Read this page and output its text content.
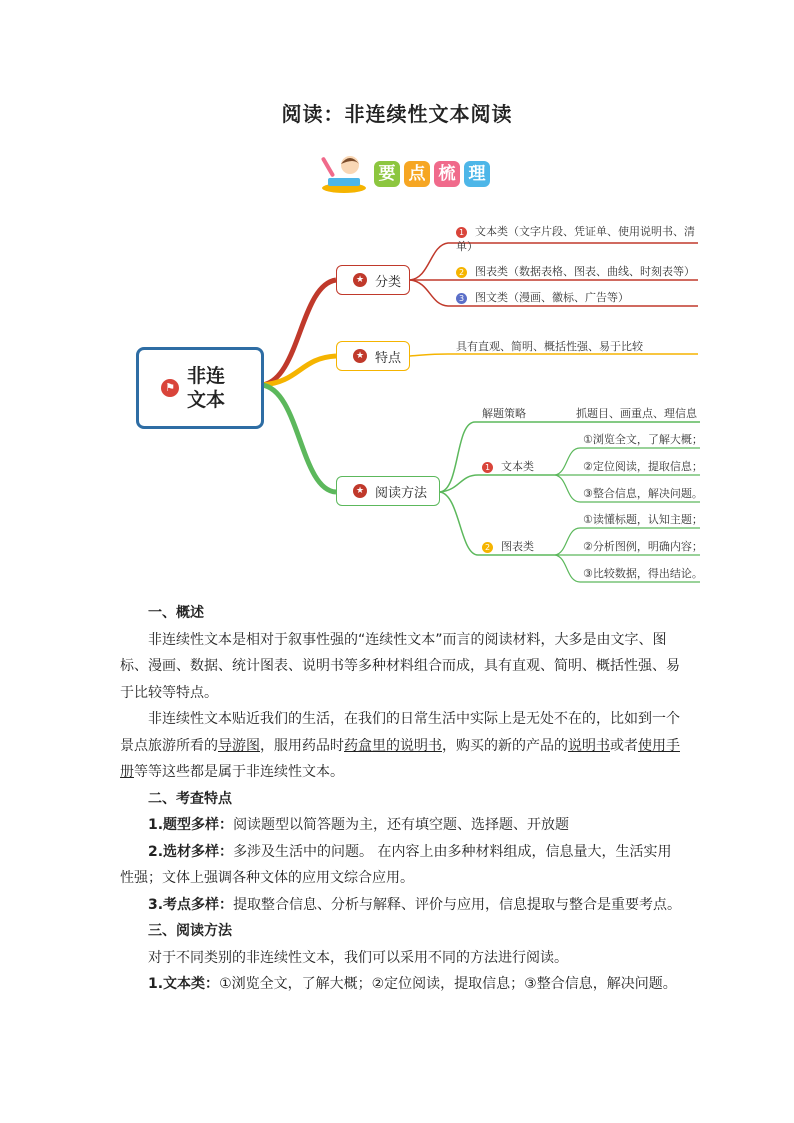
阅读：非连续性文本阅读
要 点 梳 理
⚑
非连
文本
★ 分类
★ 特点
★ 阅读方法
1 文本类（文字片段、凭证单、使用说明书、清单）
2 图表类（数据表格、图表、曲线、时刻表等）
3 图文类（漫画、徽标、广告等）
具有直观、简明、概括性强、易于比较
解题策略	抓题目、画重点、理信息
1 文本类
①浏览全文，了解大概；
②定位阅读，提取信息；
③整合信息，解决问题。
2 图表类
①读懂标题，认知主题；
②分析图例，明确内容；
③比较数据，得出结论。

一、概述

非连续性文本是相对于叙事性强的“连续性文本”而言的阅读材料，大多是由文字、图标、漫画、数据、统计图表、说明书等多种材料组合而成，具有直观、简明、概括性强、易于比较等特点。

非连续性文本贴近我们的生活，在我们的日常生活中实际上是无处不在的，比如到一个景点旅游所看的导游图，服用药品时药盒里的说明书，购买的新的产品的说明书或者使用手册等等这些都是属于非连续性文本。

二、考查特点

1.题型多样：阅读题型以简答题为主，还有填空题、选择题、开放题

2.选材多样：多涉及生活中的问题。 在内容上由多种材料组成，信息量大，生活实用性强；文体上强调各种文体的应用文综合应用。

3.考点多样：提取整合信息、分析与解释、评价与应用，信息提取与整合是重要考点。

三、阅读方法

对于不同类别的非连续性文本，我们可以采用不同的方法进行阅读。

1.文本类：①浏览全文，了解大概；②定位阅读，提取信息；③整合信息，解决问题。
